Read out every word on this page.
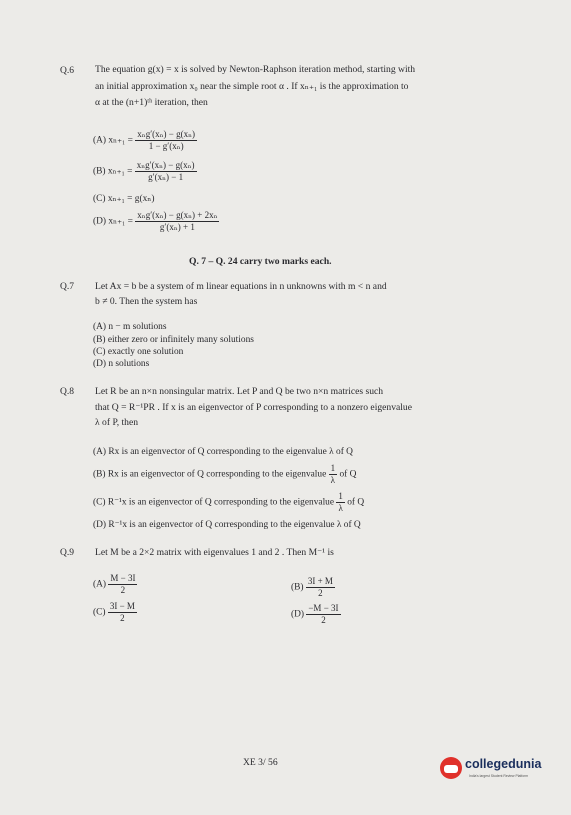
Q.6 The equation g(x) = x is solved by Newton-Raphson iteration method, starting with
an initial approximation x₀ near the simple root α . If xₙ₊₁ is the approximation to
α at the (n+1)ᵗʰ iteration, then
(A) $x_{n+1} = \frac{\text{xₙg′(xₙ) − g(xₙ)}}{\text{1 − g′(xₙ)}}$
(B) $x_{n+1} = \frac{\text{xₙg′(xₙ) − g(xₙ)}}{\text{g′(xₙ) − 1}}$
(C) xₙ₊₁ = g(xₙ)
(D) $x_{n+1} = \frac{\text{xₙg′(xₙ) − g(xₙ) + 2xₙ}}{\text{g′(xₙ) + 1}}$
Q. 7 – Q. 24 carry two marks each.
Q.7 Let Ax = b be a system of m linear equations in n unknowns with m < n and
b ≠ 0. Then the system has
(A) n − m solutions
(B) either zero or infinitely many solutions
(C) exactly one solution
(D) n solutions
Q.8 Let R be an n×n nonsingular matrix. Let P and Q be two n×n matrices such
that Q = R⁻¹PR . If x is an eigenvector of P corresponding to a nonzero eigenvalue
λ of P, then
(A) Rx is an eigenvector of Q corresponding to the eigenvalue λ of Q
(B) Rx is an eigenvector of Q corresponding to the eigenvalue $\frac{1}{\lambda}$ of Q
(C) R⁻¹x is an eigenvector of Q corresponding to the eigenvalue $\frac{1}{\lambda}$ of Q
(D) R⁻¹x is an eigenvector of Q corresponding to the eigenvalue λ of Q
Q.9 Let M be a 2×2 matrix with eigenvalues 1 and 2 . Then M⁻¹ is
$(A) \frac{M - 3I}{2}$	$(B) \frac{3I + M}{2}$
$(C) \frac{3I - M}{2}$	$(D) \frac{-M - 3I}{2}$
XE 3/ 56	collegedunia
India's largest Student Review Platform
